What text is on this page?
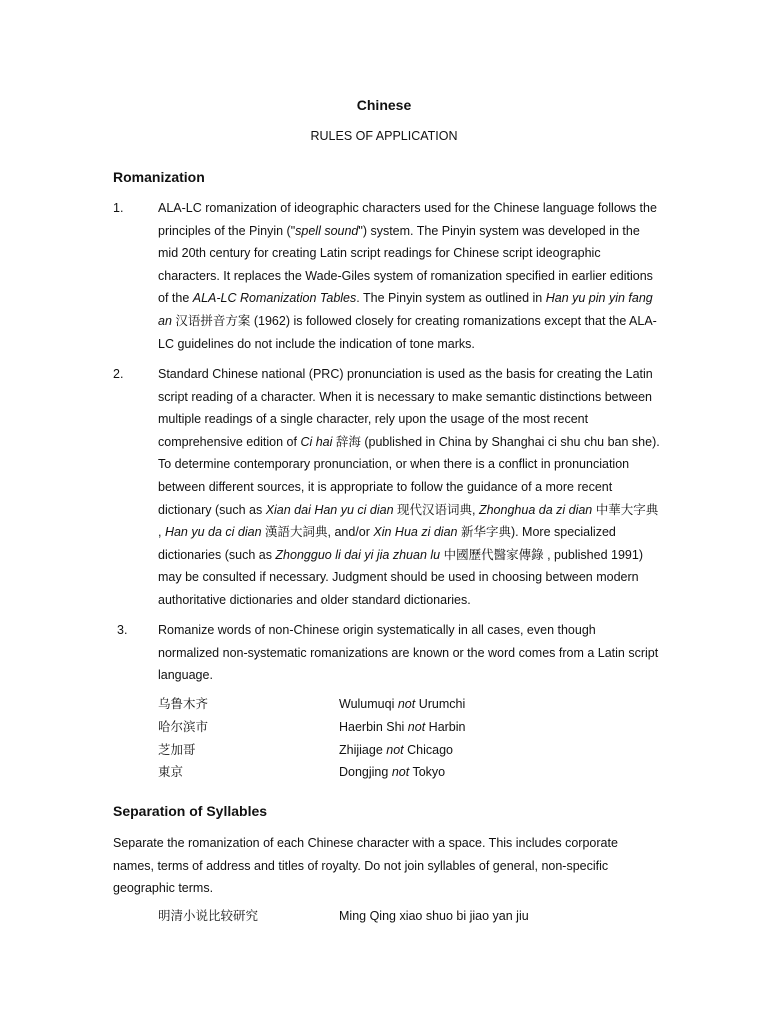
Chinese
RULES OF APPLICATION
Romanization
1.	ALA-LC romanization of ideographic characters used for the Chinese language follows the principles of the Pinyin ("spell sound") system. The Pinyin system was developed in the mid 20th century for creating Latin script readings for Chinese script ideographic characters. It replaces the Wade-Giles system of romanization specified in earlier editions of the ALA-LC Romanization Tables. The Pinyin system as outlined in Han yu pin yin fang an 汉语拼音方案 (1962) is followed closely for creating romanizations except that the ALA-LC guidelines do not include the indication of tone marks.
2.	Standard Chinese national (PRC) pronunciation is used as the basis for creating the Latin script reading of a character. When it is necessary to make semantic distinctions between multiple readings of a single character, rely upon the usage of the most recent comprehensive edition of Ci hai 辞海 (published in China by Shanghai ci shu chu ban she). To determine contemporary pronunciation, or when there is a conflict in pronunciation between different sources, it is appropriate to follow the guidance of a more recent dictionary (such as Xian dai Han yu ci dian 现代汉语词典, Zhonghua da zi dian 中華大字典 , Han yu da ci dian 漢語大詞典, and/or Xin Hua zi dian 新华字典). More specialized dictionaries (such as Zhongguo li dai yi jia zhuan lu 中國歷代醫家傳錄 , published 1991) may be consulted if necessary. Judgment should be used in choosing between modern authoritative dictionaries and older standard dictionaries.
3. Romanize words of non-Chinese origin systematically in all cases, even though normalized non-systematic romanizations are known or the word comes from a Latin script language.
乌鲁木齐	Wulumuqi not Urumchi
哈尔滨市	Haerbin Shi not Harbin
芝加哥	Zhijiage not Chicago
東京	Dongjing not Tokyo
Separation of Syllables
Separate the romanization of each Chinese character with a space. This includes corporate names, terms of address and titles of royalty. Do not join syllables of general, non-specific geographic terms.
明清小说比较研究	Ming Qing xiao shuo bi jiao yan jiu
